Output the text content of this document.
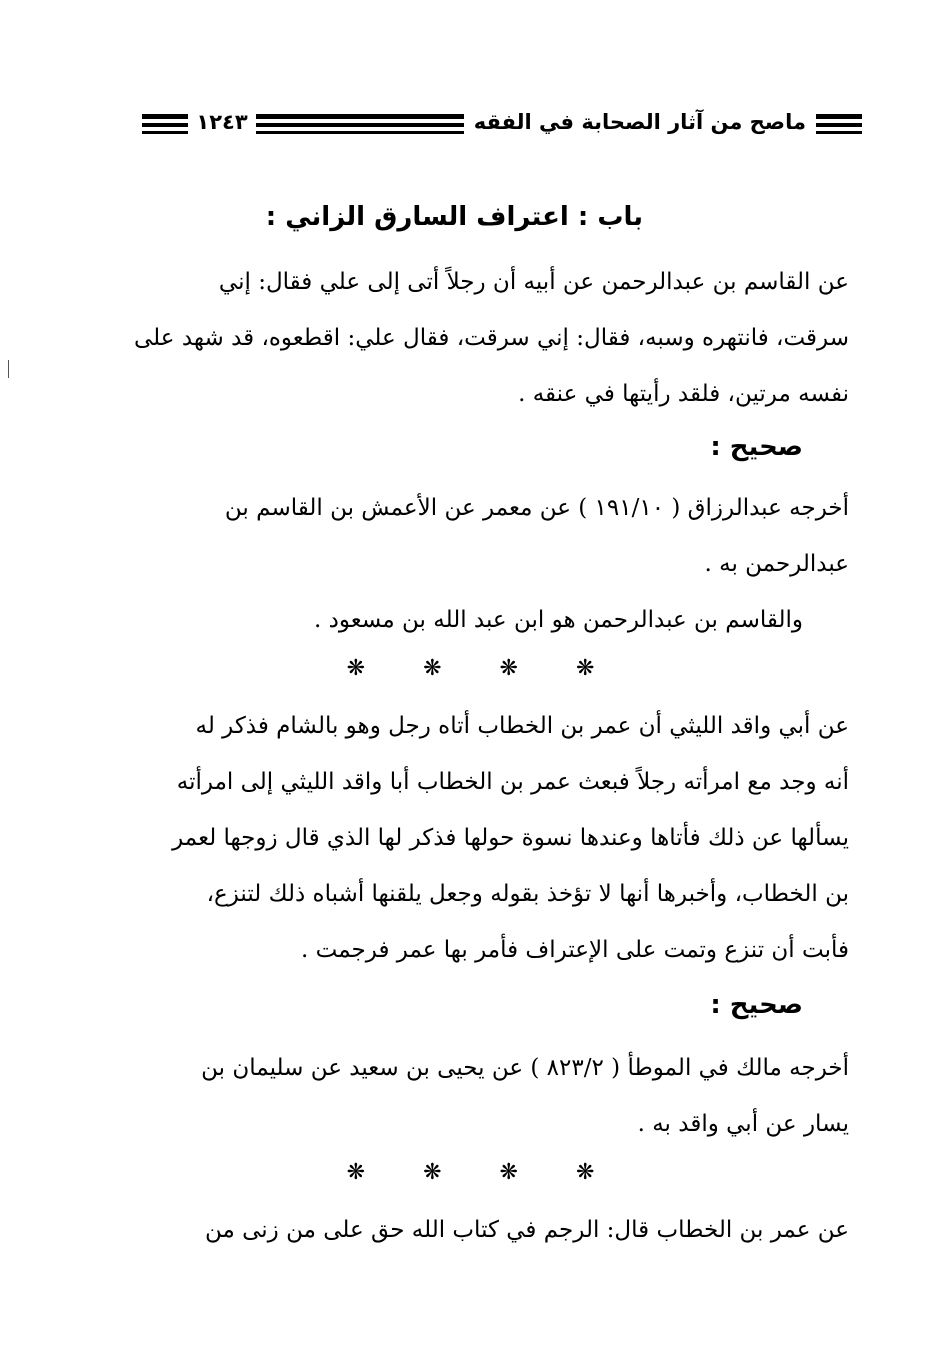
ماصح من آثار الصحابة في الفقه
١٢٤٣
باب : اعتراف السارق الزاني :

عن القاسم بن عبدالرحمن عن أبيه أن رجلاً أتى إلى علي فقال: إني

سرقت، فانتهره وسبه، فقال: إني سرقت، فقال علي: اقطعوه، قد شهد على

نفسه مرتين، فلقد رأيتها في عنقه .

صحيح :

أخرجه عبدالرزاق ( ١٩١/١٠ ) عن معمر عن الأعمش بن القاسم بن

عبدالرحمن به .

والقاسم بن عبدالرحمن هو ابن عبد الله بن مسعود .

❋
❋
❋
❋

عن أبي واقد الليثي أن عمر بن الخطاب أتاه رجل وهو بالشام فذكر له

أنه وجد مع امرأته رجلاً فبعث عمر بن الخطاب أبا واقد الليثي إلى امرأته

يسألها عن ذلك فأتاها وعندها نسوة حولها فذكر لها الذي قال زوجها لعمر

بن الخطاب، وأخبرها أنها لا تؤخذ بقوله وجعل يلقنها أشباه ذلك لتنزع،

فأبت أن تنزع وتمت على الإعتراف فأمر بها عمر فرجمت .

صحيح :

أخرجه مالك في الموطأ ( ٨٢٣/٢ ) عن يحيى بن سعيد عن سليمان بن

يسار عن أبي واقد به .

❋
❋
❋
❋

عن عمر بن الخطاب قال: الرجم في كتاب الله حق على من زنى من
